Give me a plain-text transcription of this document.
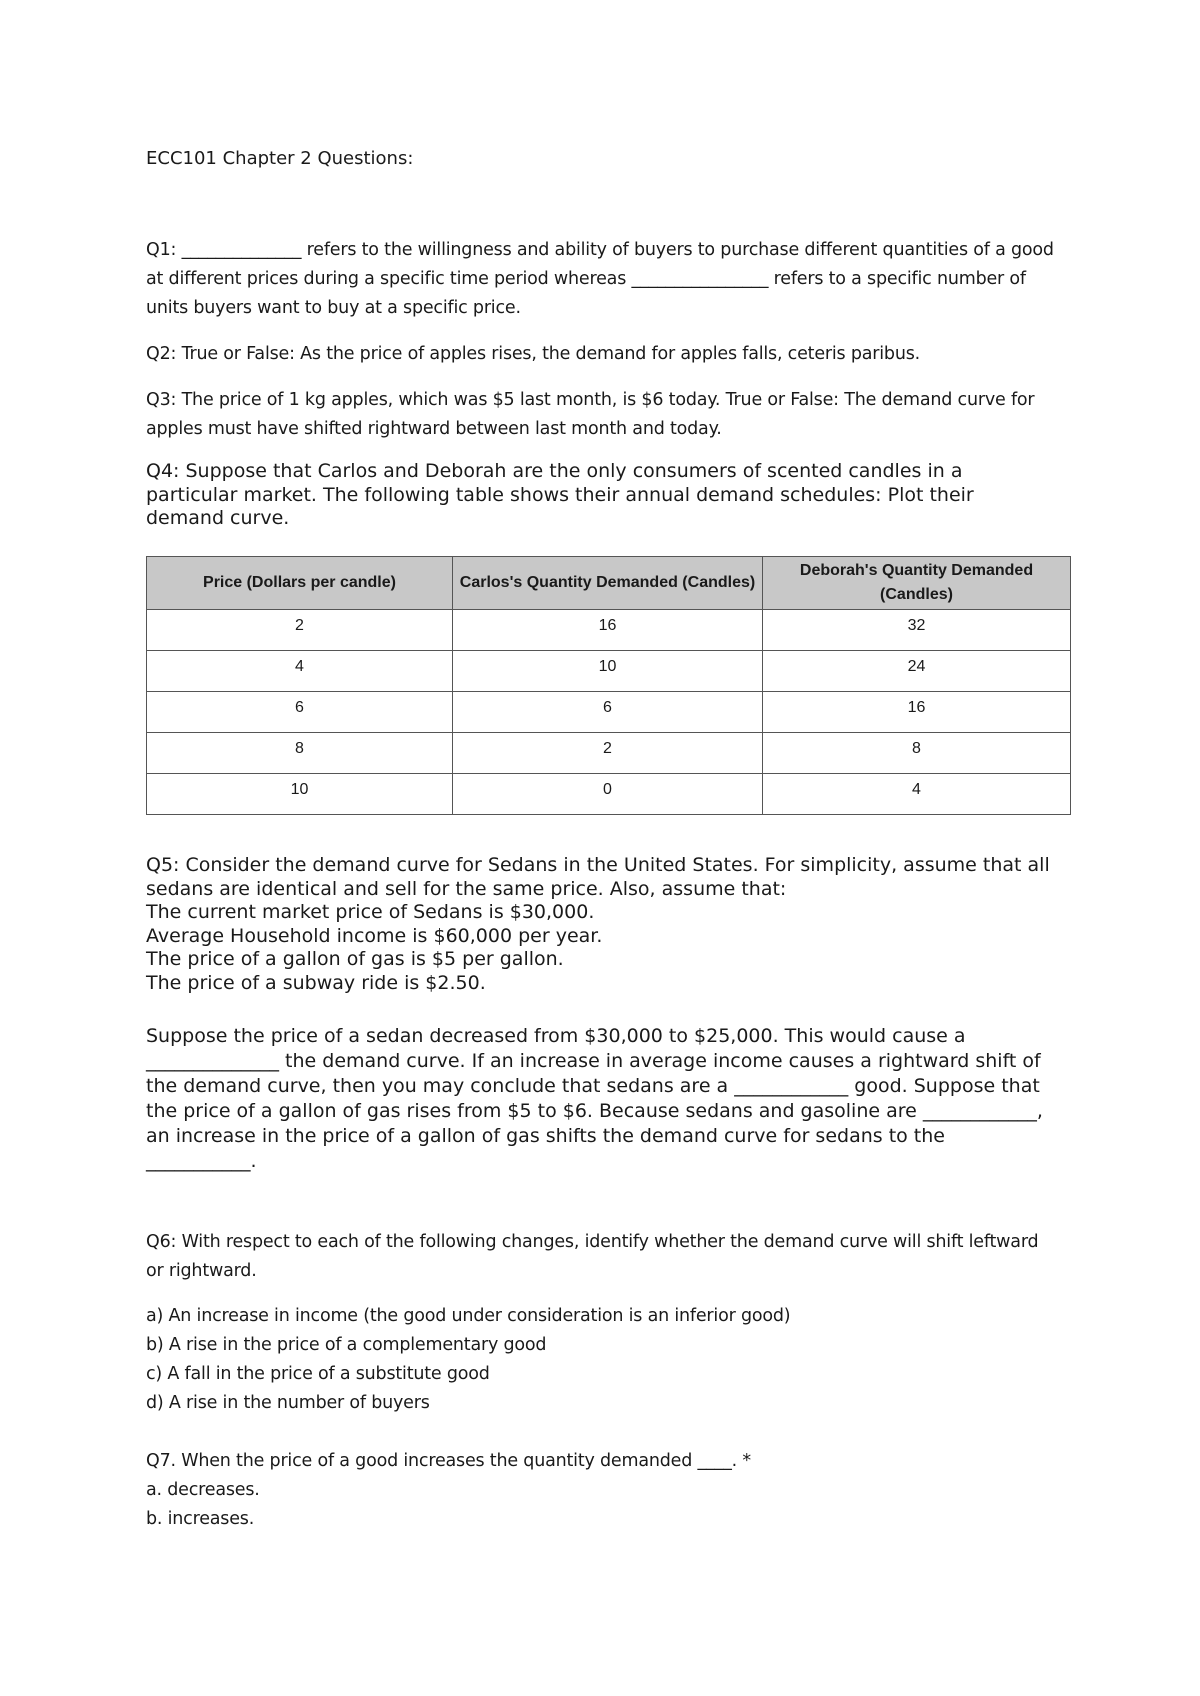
ECC101 Chapter 2 Questions:

Q1: ______________ refers to the willingness and ability of buyers to purchase different quantities of a good at different prices during a specific time period whereas ________________ refers to a specific number of units buyers want to buy at a specific price.

Q2: True or False: As the price of apples rises, the demand for apples falls, ceteris paribus.

Q3: The price of 1 kg apples, which was $5 last month, is $6 today. True or False: The demand curve for apples must have shifted rightward between last month and today.

Q4: Suppose that Carlos and Deborah are the only consumers of scented candles in a particular market. The following table shows their annual demand schedules: Plot their demand curve.

Price (Dollars per candle)	Carlos's Quantity Demanded (Candles)	Deborah's Quantity Demanded (Candles)
2	16	32
4	10	24
6	6	16
8	2	8
10	0	4

Q5: Consider the demand curve for Sedans in the United States. For simplicity, assume that all sedans are identical and sell for the same price. Also, assume that:

The current market price of Sedans is $30,000.

Average Household income is $60,000 per year.

The price of a gallon of gas is $5 per gallon.

The price of a subway ride is $2.50.

Suppose the price of a sedan decreased from $30,000 to $25,000. This would cause a ______________ the demand curve. If an increase in average income causes a rightward shift of the demand curve, then you may conclude that sedans are a ____________ good. Suppose that the price of a gallon of gas rises from $5 to $6. Because sedans and gasoline are ____________, an increase in the price of a gallon of gas shifts the demand curve for sedans to the ___________.

Q6: With respect to each of the following changes, identify whether the demand curve will shift leftward or rightward.

a) An increase in income (the good under consideration is an inferior good)

b) A rise in the price of a complementary good

c) A fall in the price of a substitute good

d) A rise in the number of buyers

Q7. When the price of a good increases the quantity demanded ____. *

a. decreases.

b. increases.
